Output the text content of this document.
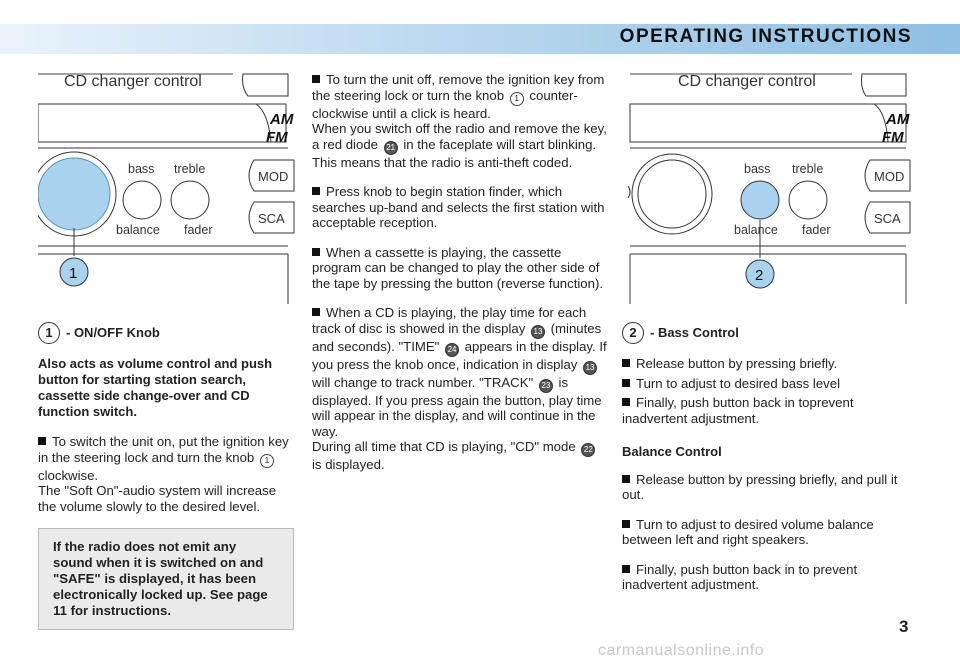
OPERATING INSTRUCTIONS
CD changer control
AM
FM
bass treble
balance fader
MOD
SCA
1
1 - ON/OFF Knob

Also acts as volume control and push button for starting station search, cassette side change-over and CD function switch.

To switch the unit on, put the ignition key in the steering lock and turn the knob 1 clockwise.
The "Soft On"-audio system will increase the volume slowly to the desired level.

If the radio does not emit any sound when it is switched on and "SAFE" is displayed, it has been electronically locked up. See page 11 for instructions.

To turn the unit off, remove the ignition key from the steering lock or turn the knob 1 counter-clockwise until a click is heard.
When you switch off the radio and remove the key, a red diode 21 in the faceplate will start blinking. This means that the radio is anti-theft coded.

Press knob to begin station finder, which searches up-band and selects the first station with acceptable reception.

When a cassette is playing, the cassette program can be changed to play the other side of the tape by pressing the button (reverse function).

When a CD is playing, the play time for each track of disc is showed in the display 13 (minutes and seconds). "TIME" 24 appears in the display. If you press the knob once, indication in display 13 will change to track number. "TRACK" 23 is displayed. If you press again the button, play time will appear in the display, and will continue in the way.
During all time that CD is playing, "CD" mode 22 is displayed.

CD changer control
AM
FM
bass treble
balance fader
MOD
SCA
2
2 - Bass Control
Release button by pressing briefly.
Turn to adjust to desired bass level
Finally, push button back in toprevent inadvertent adjustment.
Balance Control

Release button by pressing briefly, and pull it out.

Turn to adjust to desired volume balance between left and right speakers.

Finally, push button back in to prevent inadvertent adjustment.

3
carmanualsonline.info
